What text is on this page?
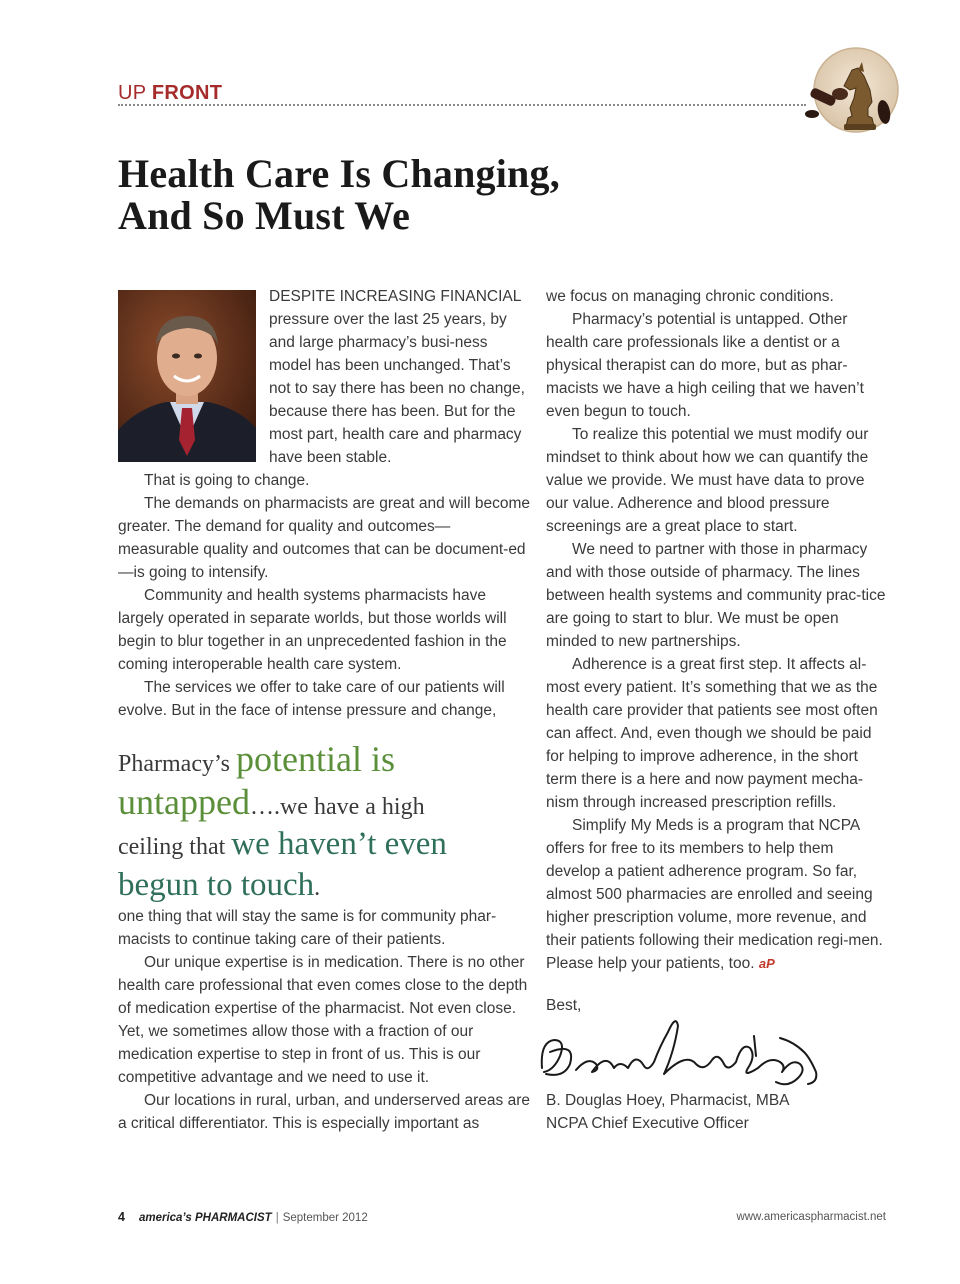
UP FRONT
Health Care Is Changing,
And So Must We

DESPITE INCREASING FINANCIAL pressure over the last 25 years, by and large pharmacy’s busi-ness model has been unchanged. That’s not to say there has been no change, because there has been. But for the most part, health care and pharmacy have been stable.

That is going to change.

The demands on pharmacists are great and will become greater. The demand for quality and outcomes—measurable quality and outcomes that can be document-ed—is going to intensify.

Community and health systems pharmacists have largely operated in separate worlds, but those worlds will begin to blur together in an unprecedented fashion in the coming interoperable health care system.

The services we offer to take care of our patients will evolve. But in the face of intense pressure and change,

Pharmacy’s potential is
untapped….we have a high
ceiling that we haven’t even
begun to touch.

one thing that will stay the same is for community phar-macists to continue taking care of their patients.

Our unique expertise is in medication. There is no other health care professional that even comes close to the depth of medication expertise of the pharmacist. Not even close. Yet, we sometimes allow those with a fraction of our medication expertise to step in front of us. This is our competitive advantage and we need to use it.

Our locations in rural, urban, and underserved areas are a critical differentiator. This is especially important as

we focus on managing chronic conditions.

Pharmacy’s potential is untapped. Other health care professionals like a dentist or a physical therapist can do more, but as phar-macists we have a high ceiling that we haven’t even begun to touch.

To realize this potential we must modify our mindset to think about how we can quantify the value we provide. We must have data to prove our value. Adherence and blood pressure screenings are a great place to start.

We need to partner with those in pharmacy and with those outside of pharmacy. The lines between health systems and community prac-tice are going to start to blur. We must be open minded to new partnerships.

Adherence is a great first step. It affects al-most every patient. It’s something that we as the health care provider that patients see most often can affect. And, even though we should be paid for helping to improve adherence, in the short term there is a here and now payment mecha-nism through increased prescription refills.

Simplify My Meds is a program that NCPA offers for free to its members to help them develop a patient adherence program. So far, almost 500 pharmacies are enrolled and seeing higher prescription volume, more revenue, and their patients following their medication regi-men. Please help your patients, too. aP

Best,
B. Douglas Hoey, Pharmacist, MBA
NCPA Chief Executive Officer
4 america’s PHARMACIST | September 2012	www.americaspharmacist.net
